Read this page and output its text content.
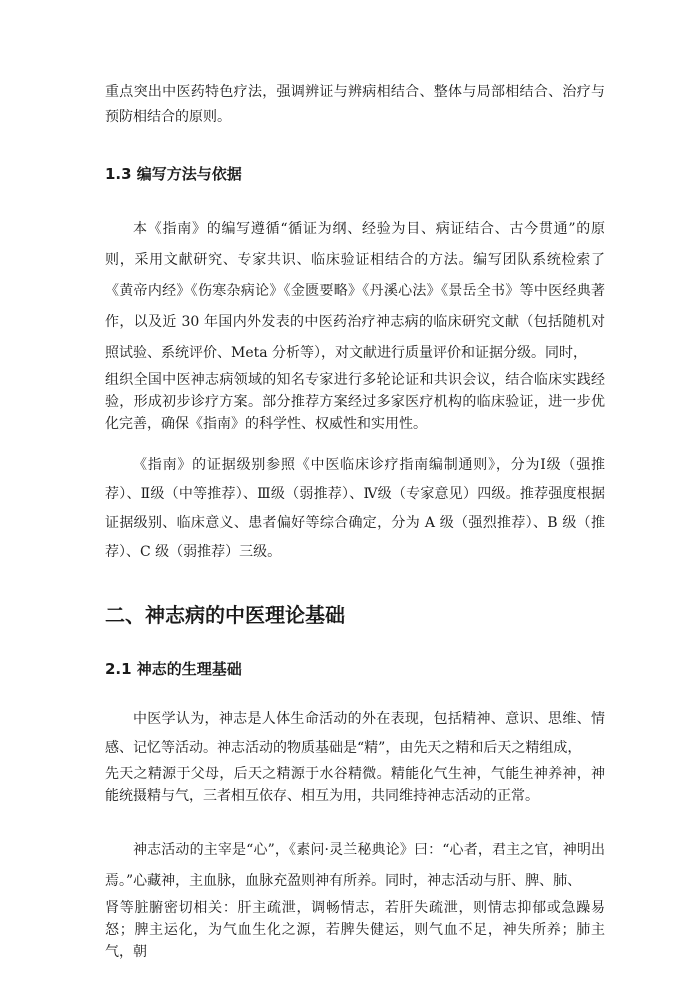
重点突出中医药特色疗法，强调辨证与辨病相结合、整体与局部相结合、治疗与预防相结合的原则。

1.3 编写方法与依据

本《指南》的编写遵循“循证为纲、经验为目、病证结合、古今贯通”的原则，采用文献研究、专家共识、临床验证相结合的方法。编写团队系统检索了《黄帝内经》《伤寒杂病论》《金匮要略》《丹溪心法》《景岳全书》等中医经典著作，以及近 30 年国内外发表的中医药治疗神志病的临床研究文献（包括随机对照试验、系统评价、Meta 分析等），对文献进行质量评价和证据分级。同时，

组织全国中医神志病领域的知名专家进行多轮论证和共识会议，结合临床实践经验，形成初步诊疗方案。部分推荐方案经过多家医疗机构的临床验证，进一步优化完善，确保《指南》的科学性、权威性和实用性。

《指南》的证据级别参照《中医临床诊疗指南编制通则》，分为Ⅰ级（强推荐）、Ⅱ级（中等推荐）、Ⅲ级（弱推荐）、Ⅳ级（专家意见）四级。推荐强度根据证据级别、临床意义、患者偏好等综合确定，分为 A 级（强烈推荐）、B 级（推荐）、C 级（弱推荐）三级。

二、神志病的中医理论基础
2.1 神志的生理基础

中医学认为，神志是人体生命活动的外在表现，包括精神、意识、思维、情感、记忆等活动。神志活动的物质基础是“精”，由先天之精和后天之精组成，

先天之精源于父母，后天之精源于水谷精微。精能化气生神，气能生神养神，神能统摄精与气，三者相互依存、相互为用，共同维持神志活动的正常。

神志活动的主宰是“心”，《素问·灵兰秘典论》曰：“心者，君主之官，神明出焉。”心藏神，主血脉，血脉充盈则神有所养。同时，神志活动与肝、脾、肺、

肾等脏腑密切相关：肝主疏泄，调畅情志，若肝失疏泄，则情志抑郁或急躁易怒；脾主运化，为气血生化之源，若脾失健运，则气血不足，神失所养；肺主气，朝
